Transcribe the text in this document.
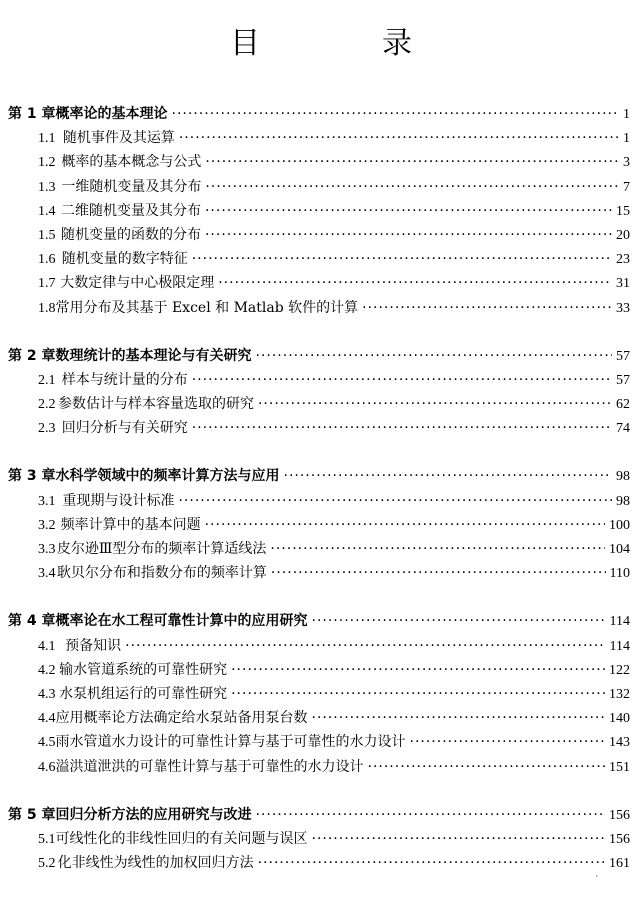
目　录
第 1 章 概率论的基本理论 ·····	1
1.1 随机事件及其运算 ·····	1
1.2 概率的基本概念与公式 ·····	3
1.3 一维随机变量及其分布 ·····	7
1.4 二维随机变量及其分布 ·····	15
1.5 随机变量的函数的分布 ·····	20
1.6 随机变量的数字特征 ·····	23
1.7 大数定律与中心极限定理 ·····	31
1.8 常用分布及其基于 Excel 和 Matlab 软件的计算 ·····	33
第 2 章 数理统计的基本理论与有关研究 ·····	57
2.1 样本与统计量的分布 ·····	57
2.2 参数估计与样本容量选取的研究 ·····	62
2.3 回归分析与有关研究 ·····	74
第 3 章 水科学领域中的频率计算方法与应用 ·····	98
3.1 重现期与设计标准 ·····	98
3.2 频率计算中的基本问题 ·····	100
3.3 皮尔逊Ⅲ型分布的频率计算适线法 ·····	104
3.4 耿贝尔分布和指数分布的频率计算 ·····	110
第 4 章 概率论在水工程可靠性计算中的应用研究 ·····	114
4.1 预备知识 ·····	114
4.2 输水管道系统的可靠性研究 ·····	122
4.3 水泵机组运行的可靠性研究 ·····	132
4.4 应用概率论方法确定给水泵站备用泵台数 ·····	140
4.5 雨水管道水力设计的可靠性计算与基于可靠性的水力设计 ·····	143
4.6 溢洪道泄洪的可靠性计算与基于可靠性的水力设计 ·····	151
第 5 章 回归分析方法的应用研究与改进 ·····	156
5.1 可线性化的非线性回归的有关问题与误区 ·····	156
5.2 化非线性为线性的加权回归方法 ·····	161
·
